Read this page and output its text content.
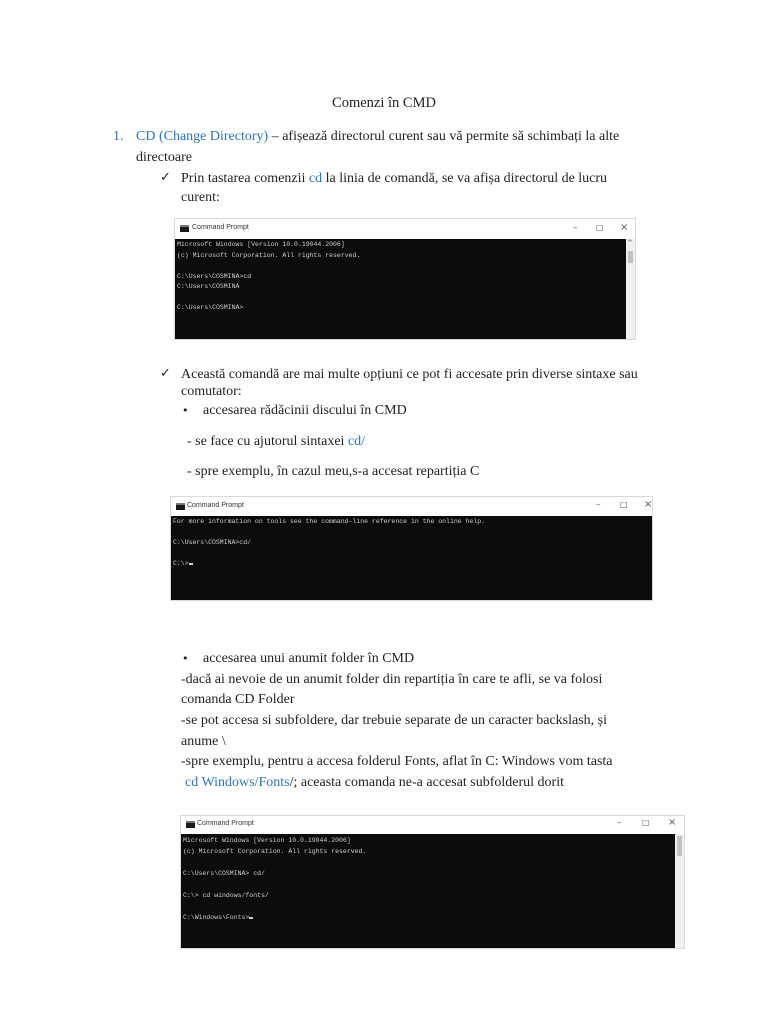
Comenzi în CMD
1. CD (Change Directory) – afișează directorul curent sau vă permite să schimbați la alte
directoare
✓ Prin tastarea comenzii cd la linia de comandă, se va afișa directorul de lucru
curent:
Command Prompt	– □ ×
Microsoft Windows [Version 10.0.19044.2006]
(c) Microsoft Corporation. All rights reserved.

C:\Users\COSMINA>cd
C:\Users\COSMINA

C:\Users\COSMINA>
^
✓ Această comandă are mai multe opțiuni ce pot fi accesate prin diverse sintaxe sau
comutator:
• accesarea rădăcinii discului în CMD
- se face cu ajutorul sintaxei cd/
- spre exemplu, în cazul meu,s-a accesat repartiția C
Command Prompt	– □ ×
For more information on tools see the command-line reference in the online help.

C:\Users\COSMINA>cd/

C:\>
• accesarea unui anumit folder în CMD
-dacă ai nevoie de un anumit folder din repartiția în care te afli, se va folosi
comanda CD Folder
-se pot accesa si subfoldere, dar trebuie separate de un caracter backslash, și
anume \
-spre exemplu, pentru a accesa folderul Fonts, aflat în C: Windows vom tasta
cd Windows/Fonts/; aceasta comanda ne-a accesat subfolderul dorit
Command Prompt	–	□ ×
Microsoft Windows [Version 10.0.19044.2006]
(c) Microsoft Corporation. All rights reserved.

C:\Users\COSMINA> cd/

C:\> cd windows/fonts/

C:\Windows\Fonts>
